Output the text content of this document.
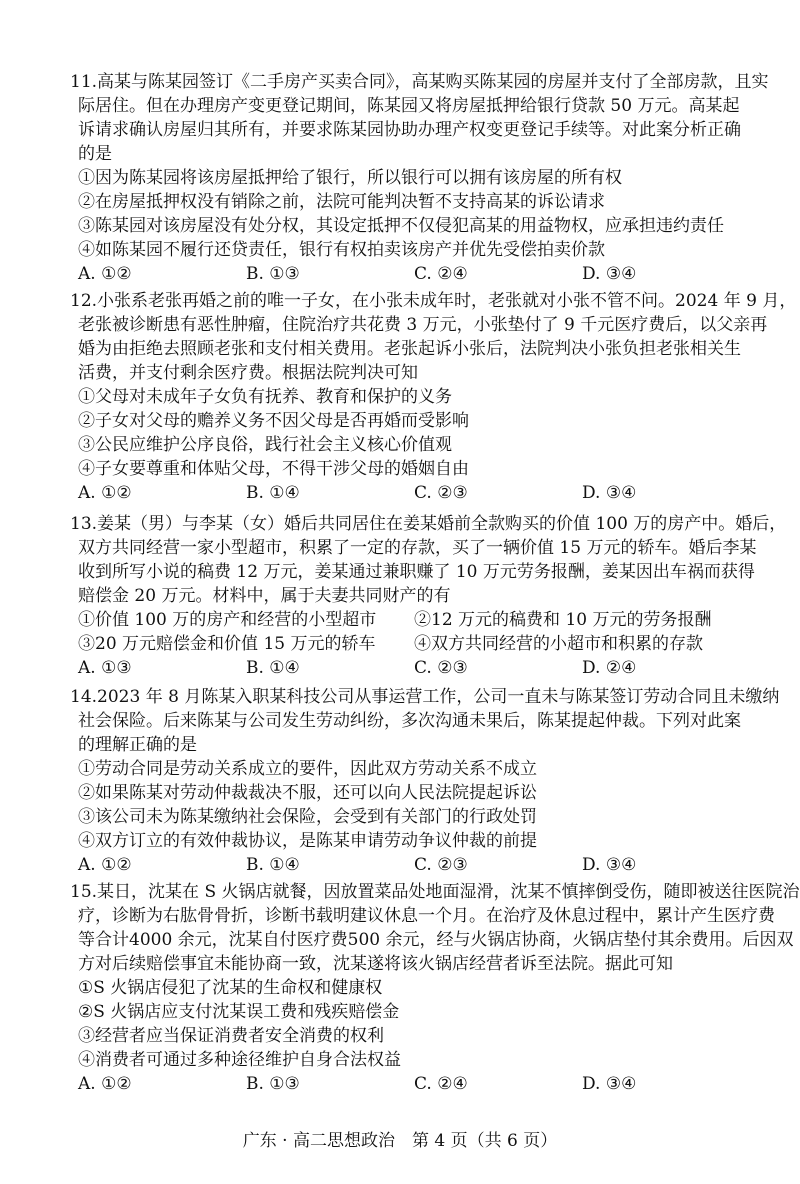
11.高某与陈某园签订《二手房产买卖合同》，高某购买陈某园的房屋并支付了全部房款，且实
际居住。但在办理房产变更登记期间，陈某园又将房屋抵押给银行贷款 50 万元。高某起
诉请求确认房屋归其所有，并要求陈某园协助办理产权变更登记手续等。对此案分析正确
的是
①因为陈某园将该房屋抵押给了银行，所以银行可以拥有该房屋的所有权
②在房屋抵押权没有销除之前，法院可能判决暂不支持高某的诉讼请求
③陈某园对该房屋没有处分权，其设定抵押不仅侵犯高某的用益物权，应承担违约责任
④如陈某园不履行还贷责任，银行有权拍卖该房产并优先受偿拍卖价款
A. ①②	B. ①③	C. ②④	D. ③④
12.小张系老张再婚之前的唯一子女，在小张未成年时，老张就对小张不管不问。2024 年 9 月，
老张被诊断患有恶性肿瘤，住院治疗共花费 3 万元，小张垫付了 9 千元医疗费后，以父亲再
婚为由拒绝去照顾老张和支付相关费用。老张起诉小张后，法院判决小张负担老张相关生
活费，并支付剩余医疗费。根据法院判决可知
①父母对未成年子女负有抚养、教育和保护的义务
②子女对父母的赡养义务不因父母是否再婚而受影响
③公民应维护公序良俗，践行社会主义核心价值观
④子女要尊重和体贴父母，不得干涉父母的婚姻自由
A. ①②	B. ①④	C. ②③	D. ③④
13.姜某（男）与李某（女）婚后共同居住在姜某婚前全款购买的价值 100 万的房产中。婚后，
双方共同经营一家小型超市，积累了一定的存款，买了一辆价值 15 万元的轿车。婚后李某
收到所写小说的稿费 12 万元，姜某通过兼职赚了 10 万元劳务报酬，姜某因出车祸而获得
赔偿金 20 万元。材料中，属于夫妻共同财产的有
①价值 100 万的房产和经营的小型超市	②12 万元的稿费和 10 万元的劳务报酬
③20 万元赔偿金和价值 15 万元的轿车	④双方共同经营的小超市和积累的存款
A. ①③	B. ①④	C. ②③	D. ②④
14.2023 年 8 月陈某入职某科技公司从事运营工作，公司一直未与陈某签订劳动合同且未缴纳
社会保险。后来陈某与公司发生劳动纠纷，多次沟通未果后，陈某提起仲裁。下列对此案
的理解正确的是
①劳动合同是劳动关系成立的要件，因此双方劳动关系不成立
②如果陈某对劳动仲裁裁决不服，还可以向人民法院提起诉讼
③该公司未为陈某缴纳社会保险，会受到有关部门的行政处罚
④双方订立的有效仲裁协议，是陈某申请劳动争议仲裁的前提
A. ①②	B. ①④	C. ②③	D. ③④
15.某日，沈某在 S 火锅店就餐，因放置菜品处地面湿滑，沈某不慎摔倒受伤，随即被送往医院治
疗，诊断为右肱骨骨折，诊断书载明建议休息一个月。在治疗及休息过程中，累计产生医疗费
等合计4000 余元，沈某自付医疗费500 余元，经与火锅店协商，火锅店垫付其余费用。后因双
方对后续赔偿事宜未能协商一致，沈某遂将该火锅店经营者诉至法院。据此可知
①S 火锅店侵犯了沈某的生命权和健康权
②S 火锅店应支付沈某误工费和残疾赔偿金
③经营者应当保证消费者安全消费的权利
④消费者可通过多种途径维护自身合法权益
A. ①②	B. ①③	C. ②④	D. ③④
广东 · 高二思想政治　第 4 页（共 6 页）
